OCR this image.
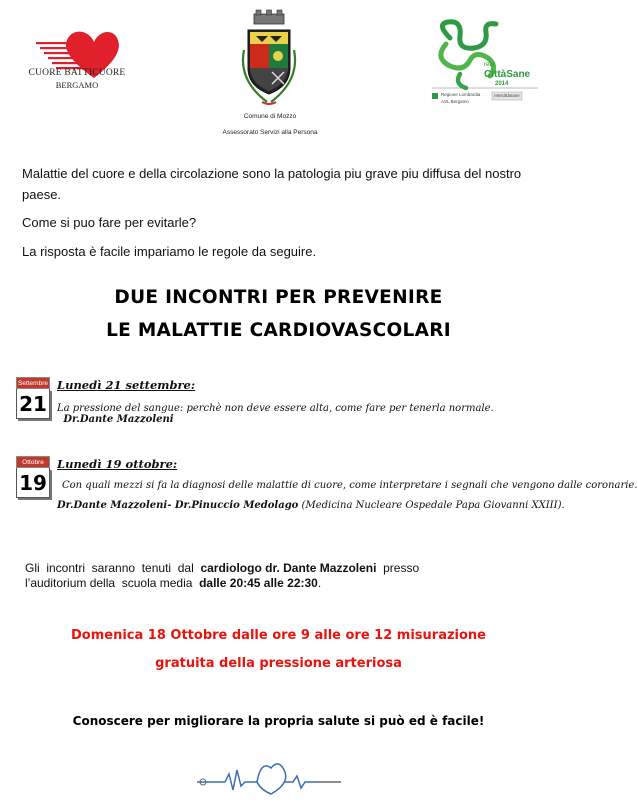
CUORE BATTICUORE
BERGAMO
Comune di Mozzo
Assessorato Servizi alla Persona
rete
CittàSane
2014
Regione Lombardia
ASL Bergamo
retecittàsane
Malattie del cuore e della circolazione sono la patologia piu grave piu diffusa del nostro paese.
Come si puo fare per evitarle?
La risposta è facile impariamo le regole da seguire.
DUE INCONTRI PER PREVENIRE
LE MALATTIE CARDIOVASCOLARI
Settembre
21
Lunedì 21 settembre:
La pressione del sangue: perchè non deve essere alta, come fare per tenerla normale.   Dr.Dante Mazzoleni
Ottobre
19
Lunedì 19 ottobre:
Con quali mezzi si fa la diagnosi delle malattie di cuore, come interpretare i segnali che vengono dalle coronarie.
Dr.Dante Mazzoleni- Dr.Pinuccio Medolago (Medicina Nucleare Ospedale Papa Giovanni XXIII).
Gli  incontri  saranno  tenuti  dal  cardiologo dr. Dante Mazzoleni  presso
l’auditorium della  scuola media  dalle 20:45 alle 22:30.
Domenica 18 Ottobre dalle ore 9 alle ore 12 misurazione
gratuita della pressione arteriosa
Conoscere per migliorare la propria salute si può ed è facile!
